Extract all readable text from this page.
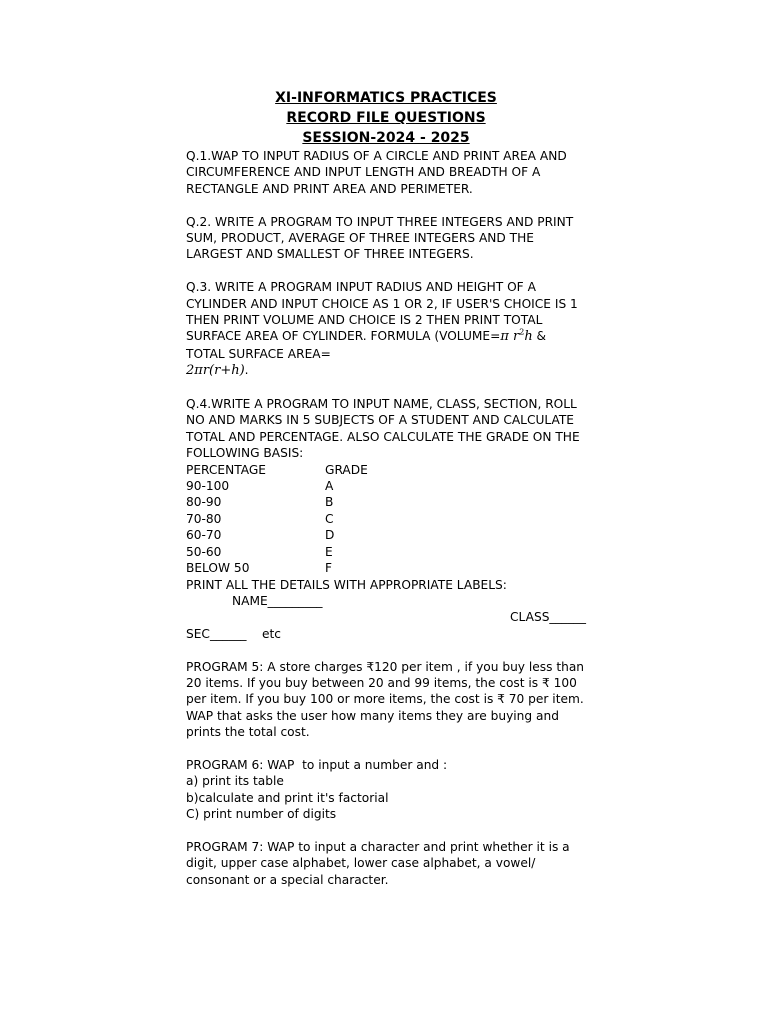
XI-INFORMATICS PRACTICES
RECORD FILE QUESTIONS
SESSION-2024 - 2025

Q.1.WAP TO INPUT RADIUS OF A CIRCLE AND PRINT AREA AND CIRCUMFERENCE AND INPUT LENGTH AND BREADTH OF A RECTANGLE AND PRINT AREA AND PERIMETER.

Q.2. WRITE A PROGRAM TO INPUT THREE INTEGERS AND PRINT SUM, PRODUCT, AVERAGE OF THREE INTEGERS AND THE LARGEST AND SMALLEST OF THREE INTEGERS.

Q.3. WRITE A PROGRAM INPUT RADIUS AND HEIGHT OF A CYLINDER AND INPUT CHOICE AS 1 OR 2, IF USER'S CHOICE IS 1 THEN PRINT VOLUME AND CHOICE IS 2 THEN PRINT TOTAL SURFACE AREA OF CYLINDER. FORMULA (VOLUME=π $r^2h$ & TOTAL SURFACE AREA=
2πr(r+h).

Q.4.WRITE A PROGRAM TO INPUT NAME, CLASS, SECTION, ROLL NO AND MARKS IN 5 SUBJECTS OF A STUDENT AND CALCULATE TOTAL AND PERCENTAGE. ALSO CALCULATE THE GRADE ON THE FOLLOWING BASIS:

PERCENTAGE	GRADE
90-100	A
80-90	B
70-80	C
60-70	D
50-60	E
BELOW 50	F
PRINT ALL THE DETAILS WITH APPROPRIATE LABELS:
NAME_________
CLASS______
SEC______    etc

PROGRAM 5: A store charges ₹120 per item , if you buy less than 20 items. If you buy between 20 and 99 items, the cost is ₹ 100 per item. If you buy 100 or more items, the cost is ₹ 70 per item. WAP that asks the user how many items they are buying and prints the total cost.

PROGRAM 6: WAP  to input a number and :
a) print its table
b)calculate and print it's factorial
C) print number of digits

PROGRAM 7: WAP to input a character and print whether it is a digit, upper case alphabet, lower case alphabet, a vowel/ consonant or a special character.
